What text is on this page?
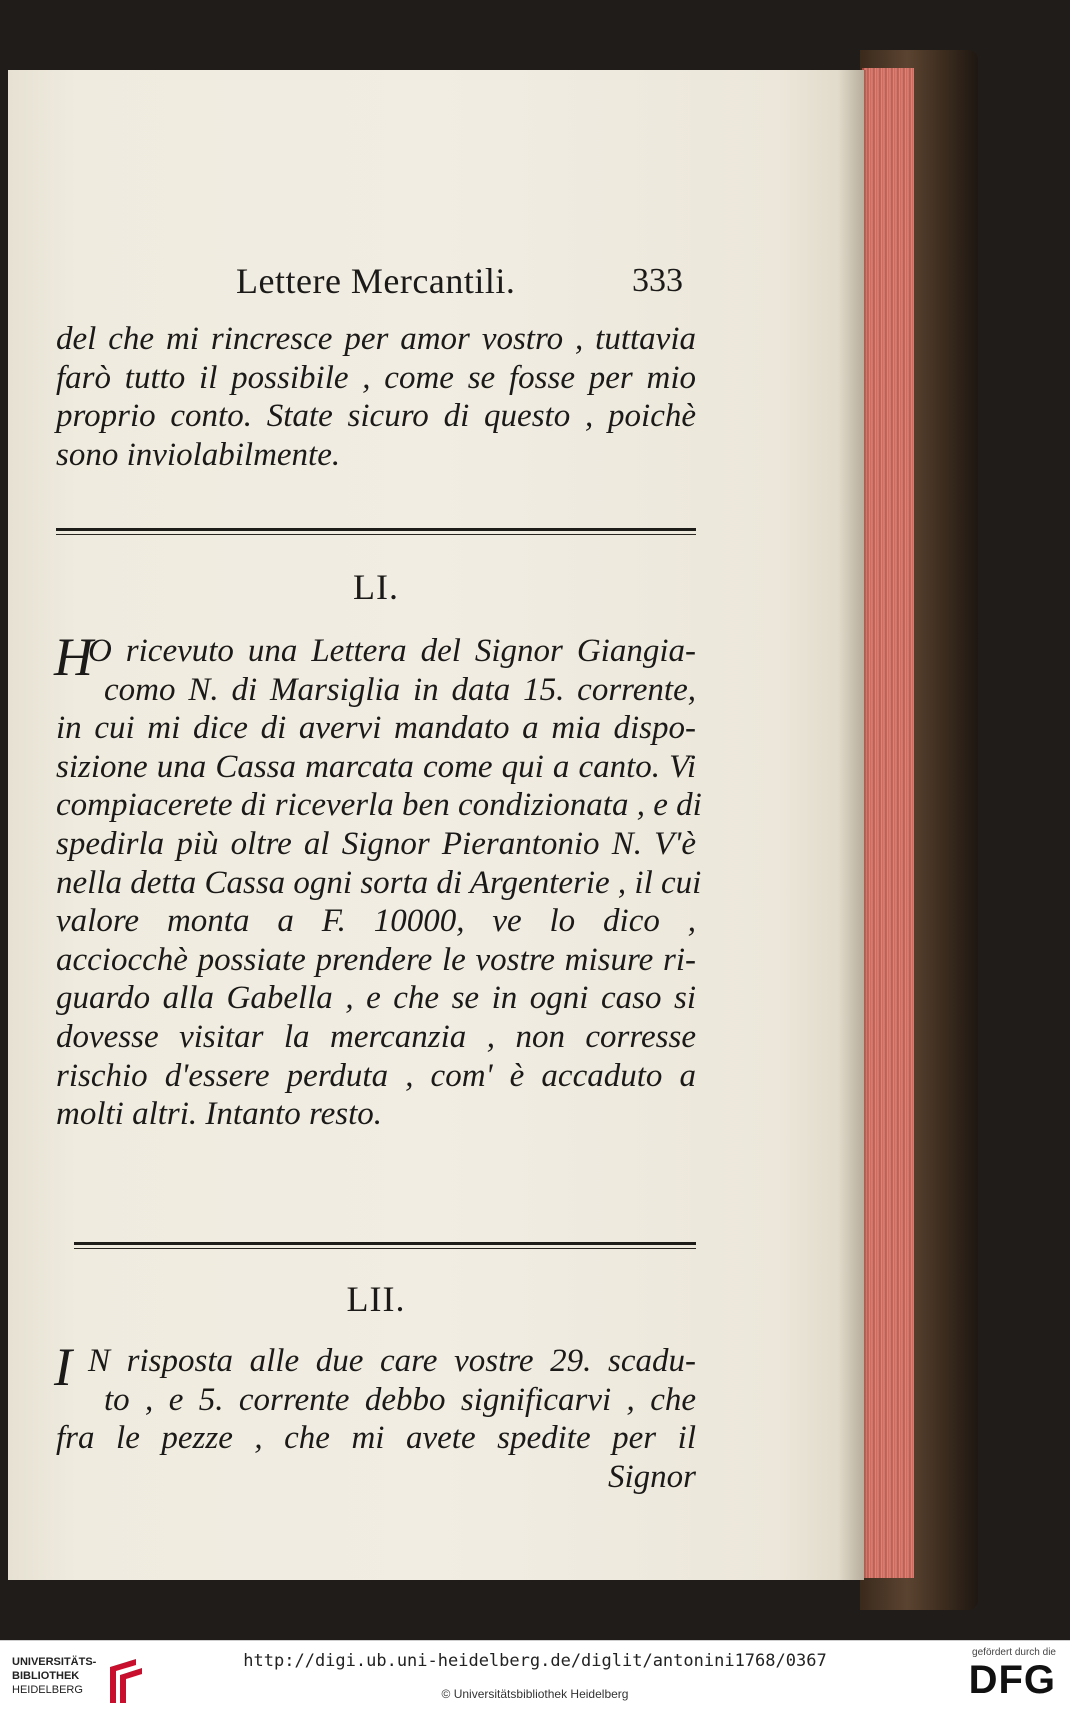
Lettere Mercantili.	333
del che mi rincresce per amor vostro , tuttavia
farò tutto il possibile , come se fosse per mio
proprio conto. State sicuro di questo , poichè
sono inviolabilmente.
LI.
H
O ricevuto una Lettera del Signor Giangia-
como N. di Marsiglia in data 15. corrente,
in cui mi dice di avervi mandato a mia dispo-
sizione una Cassa marcata come qui a canto. Vi
compiacerete di riceverla ben condizionata , e di
spedirla più oltre al Signor Pierantonio N. V'è
nella detta Cassa ogni sorta di Argenterie , il cui
valore monta a F. 10000, ve lo dico ,
acciocchè possiate prendere le vostre misure ri-
guardo alla Gabella , e che se in ogni caso si
dovesse visitar la mercanzia , non corresse
rischio d'essere perduta , com' è accaduto a
molti altri. Intanto resto.
LII.
I N risposta alle due care vostre 29. scadu-
to , e 5. corrente debbo significarvi , che
fra le pezze , che mi avete spedite per il
Signor
UNIVERSITÄTS-
BIBLIOTHEK
HEIDELBERG
http://digi.ub.uni-heidelberg.de/diglit/antonini1768/0367
© Universitätsbibliothek Heidelberg
gefördert durch die
DFG
